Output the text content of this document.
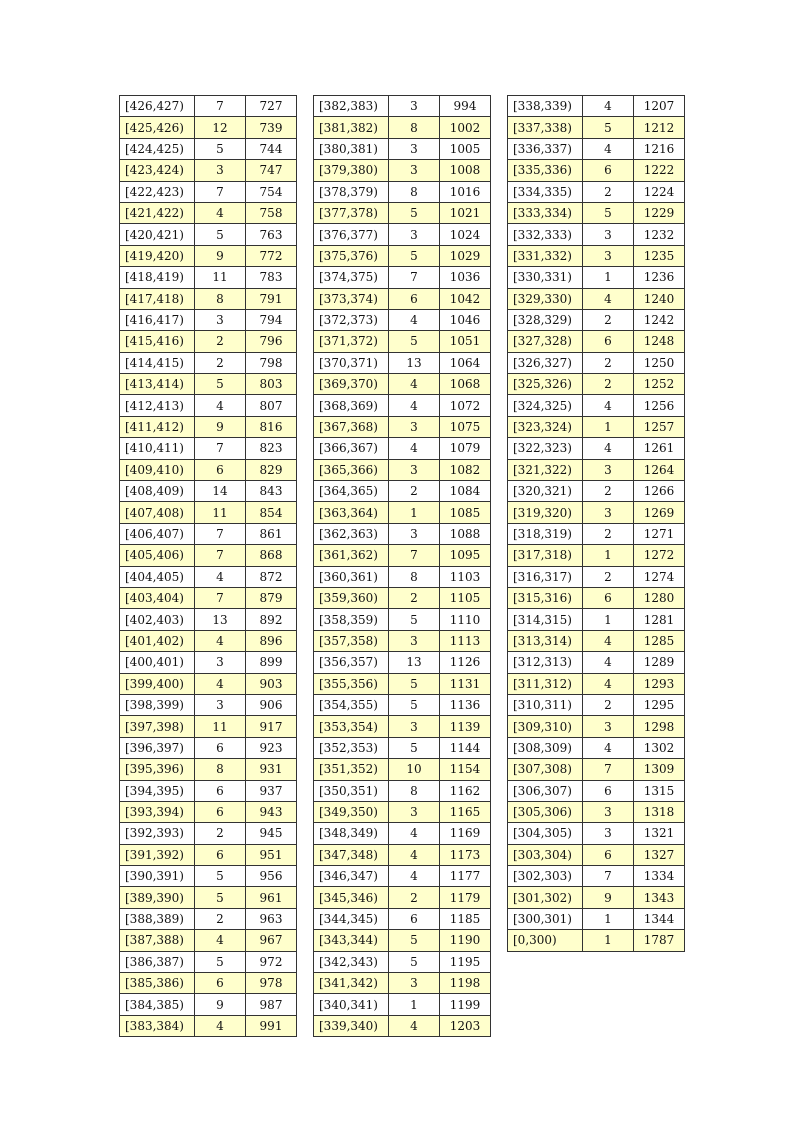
[426,427)	7	727
[425,426)	12	739
[424,425)	5	744
[423,424)	3	747
[422,423)	7	754
[421,422)	4	758
[420,421)	5	763
[419,420)	9	772
[418,419)	11	783
[417,418)	8	791
[416,417)	3	794
[415,416)	2	796
[414,415)	2	798
[413,414)	5	803
[412,413)	4	807
[411,412)	9	816
[410,411)	7	823
[409,410)	6	829
[408,409)	14	843
[407,408)	11	854
[406,407)	7	861
[405,406)	7	868
[404,405)	4	872
[403,404)	7	879
[402,403)	13	892
[401,402)	4	896
[400,401)	3	899
[399,400)	4	903
[398,399)	3	906
[397,398)	11	917
[396,397)	6	923
[395,396)	8	931
[394,395)	6	937
[393,394)	6	943
[392,393)	2	945
[391,392)	6	951
[390,391)	5	956
[389,390)	5	961
[388,389)	2	963
[387,388)	4	967
[386,387)	5	972
[385,386)	6	978
[384,385)	9	987
[383,384)	4	991
[382,383)	3	994
[381,382)	8	1002
[380,381)	3	1005
[379,380)	3	1008
[378,379)	8	1016
[377,378)	5	1021
[376,377)	3	1024
[375,376)	5	1029
[374,375)	7	1036
[373,374)	6	1042
[372,373)	4	1046
[371,372)	5	1051
[370,371)	13	1064
[369,370)	4	1068
[368,369)	4	1072
[367,368)	3	1075
[366,367)	4	1079
[365,366)	3	1082
[364,365)	2	1084
[363,364)	1	1085
[362,363)	3	1088
[361,362)	7	1095
[360,361)	8	1103
[359,360)	2	1105
[358,359)	5	1110
[357,358)	3	1113
[356,357)	13	1126
[355,356)	5	1131
[354,355)	5	1136
[353,354)	3	1139
[352,353)	5	1144
[351,352)	10	1154
[350,351)	8	1162
[349,350)	3	1165
[348,349)	4	1169
[347,348)	4	1173
[346,347)	4	1177
[345,346)	2	1179
[344,345)	6	1185
[343,344)	5	1190
[342,343)	5	1195
[341,342)	3	1198
[340,341)	1	1199
[339,340)	4	1203
[338,339)	4	1207
[337,338)	5	1212
[336,337)	4	1216
[335,336)	6	1222
[334,335)	2	1224
[333,334)	5	1229
[332,333)	3	1232
[331,332)	3	1235
[330,331)	1	1236
[329,330)	4	1240
[328,329)	2	1242
[327,328)	6	1248
[326,327)	2	1250
[325,326)	2	1252
[324,325)	4	1256
[323,324)	1	1257
[322,323)	4	1261
[321,322)	3	1264
[320,321)	2	1266
[319,320)	3	1269
[318,319)	2	1271
[317,318)	1	1272
[316,317)	2	1274
[315,316)	6	1280
[314,315)	1	1281
[313,314)	4	1285
[312,313)	4	1289
[311,312)	4	1293
[310,311)	2	1295
[309,310)	3	1298
[308,309)	4	1302
[307,308)	7	1309
[306,307)	6	1315
[305,306)	3	1318
[304,305)	3	1321
[303,304)	6	1327
[302,303)	7	1334
[301,302)	9	1343
[300,301)	1	1344
[0,300)	1	1787
